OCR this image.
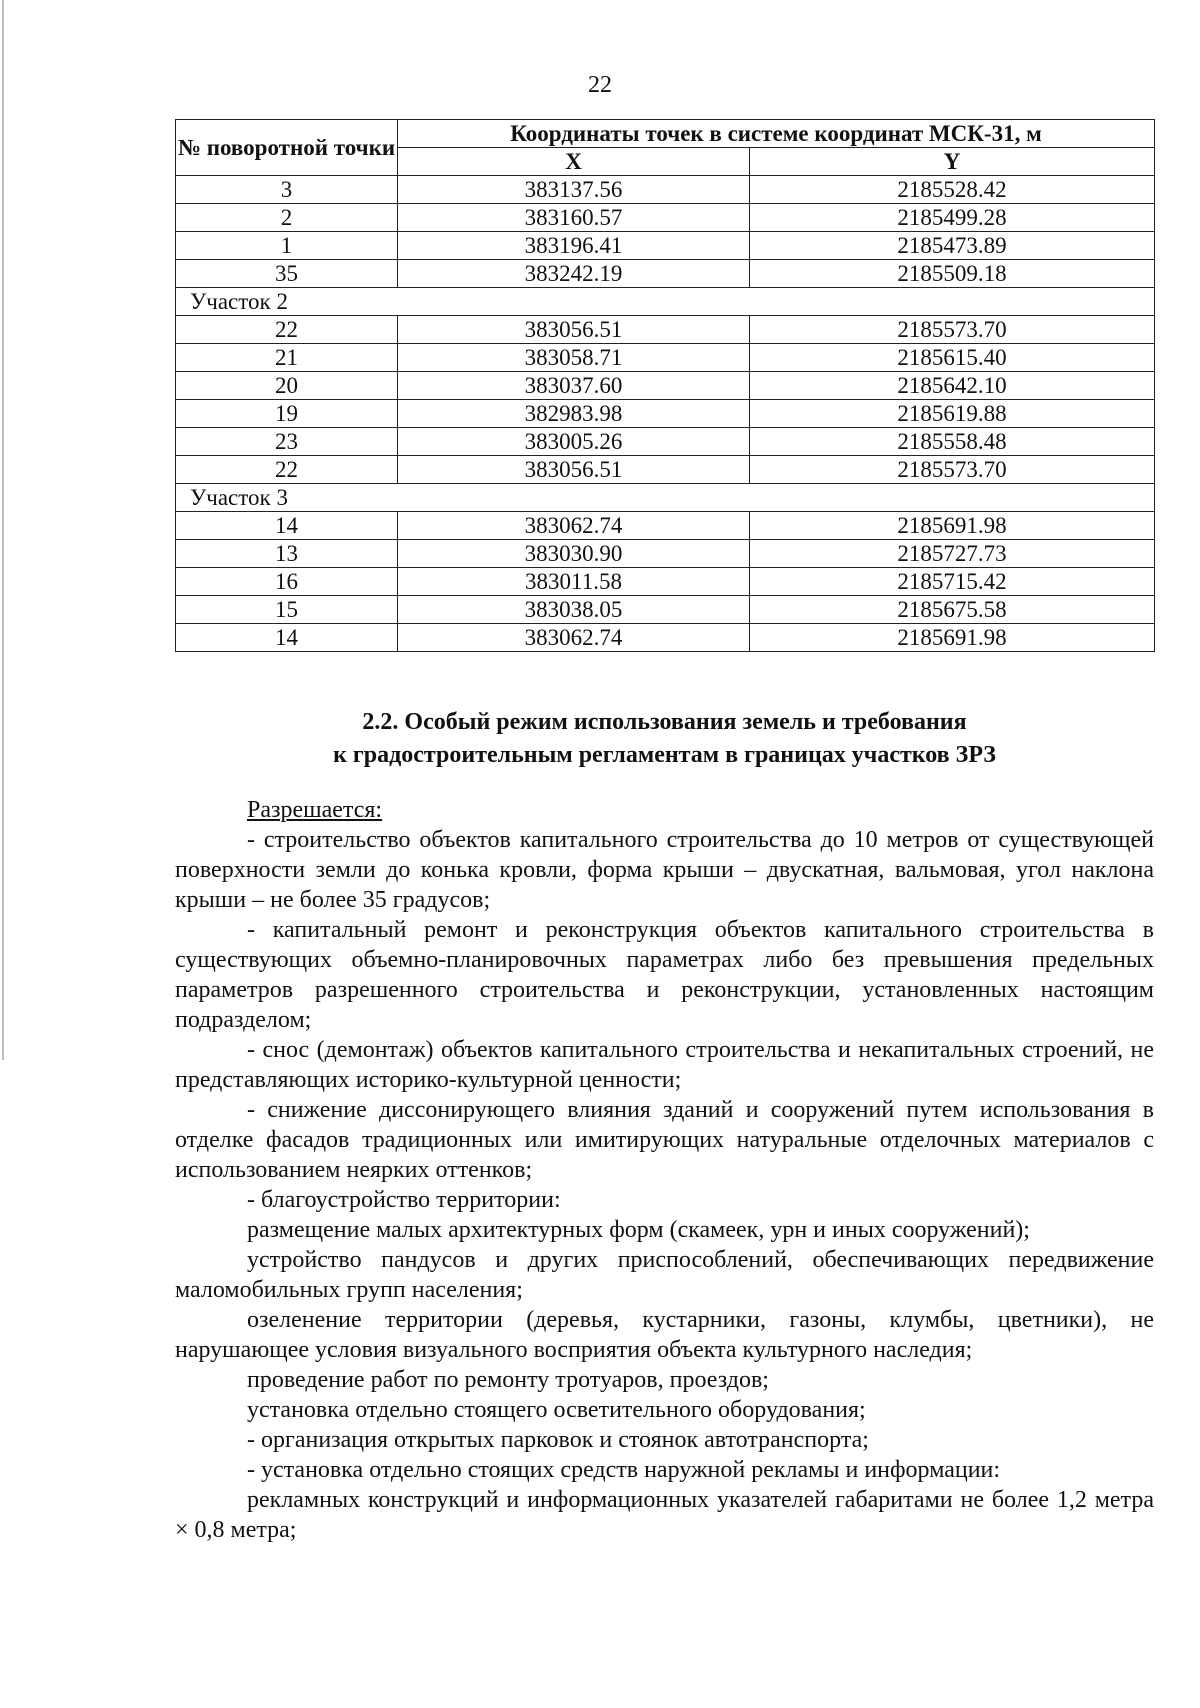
22
№ поворотной точки	Координаты точек в системе координат МСК-31, м	
	X	Y
3	383137.56	2185528.42
2	383160.57	2185499.28
1	383196.41	2185473.89
35	383242.19	2185509.18
Участок 2		
22	383056.51	2185573.70
21	383058.71	2185615.40
20	383037.60	2185642.10
19	382983.98	2185619.88
23	383005.26	2185558.48
22	383056.51	2185573.70
Участок 3		
14	383062.74	2185691.98
13	383030.90	2185727.73
16	383011.58	2185715.42
15	383038.05	2185675.58
14	383062.74	2185691.98
2.2. Особый режим использования земель и требования
к градостроительным регламентам в границах участков ЗРЗ

Разрешается:

- строительство объектов капитального строительства до 10 метров от существующей поверхности земли до конька кровли, форма крыши – двускатная, вальмовая, угол наклона крыши – не более 35 градусов;

- капитальный ремонт и реконструкция объектов капитального строительства в существующих объемно-планировочных параметрах либо без превышения предельных параметров разрешенного строительства и реконструкции, установленных настоящим подразделом;

- снос (демонтаж) объектов капитального строительства и некапитальных строений, не представляющих историко-культурной ценности;

- снижение диссонирующего влияния зданий и сооружений путем использования в отделке фасадов традиционных или имитирующих натуральные отделочных материалов с использованием неярких оттенков;

- благоустройство территории:

размещение малых архитектурных форм (скамеек, урн и иных сооружений);

устройство пандусов и других приспособлений, обеспечивающих передвижение маломобильных групп населения;

озеленение территории (деревья, кустарники, газоны, клумбы, цветники), не нарушающее условия визуального восприятия объекта культурного наследия;

проведение работ по ремонту тротуаров, проездов;

установка отдельно стоящего осветительного оборудования;

- организация открытых парковок и стоянок автотранспорта;

- установка отдельно стоящих средств наружной рекламы и информации:

рекламных конструкций и информационных указателей габаритами не более 1,2 метра × 0,8 метра;
